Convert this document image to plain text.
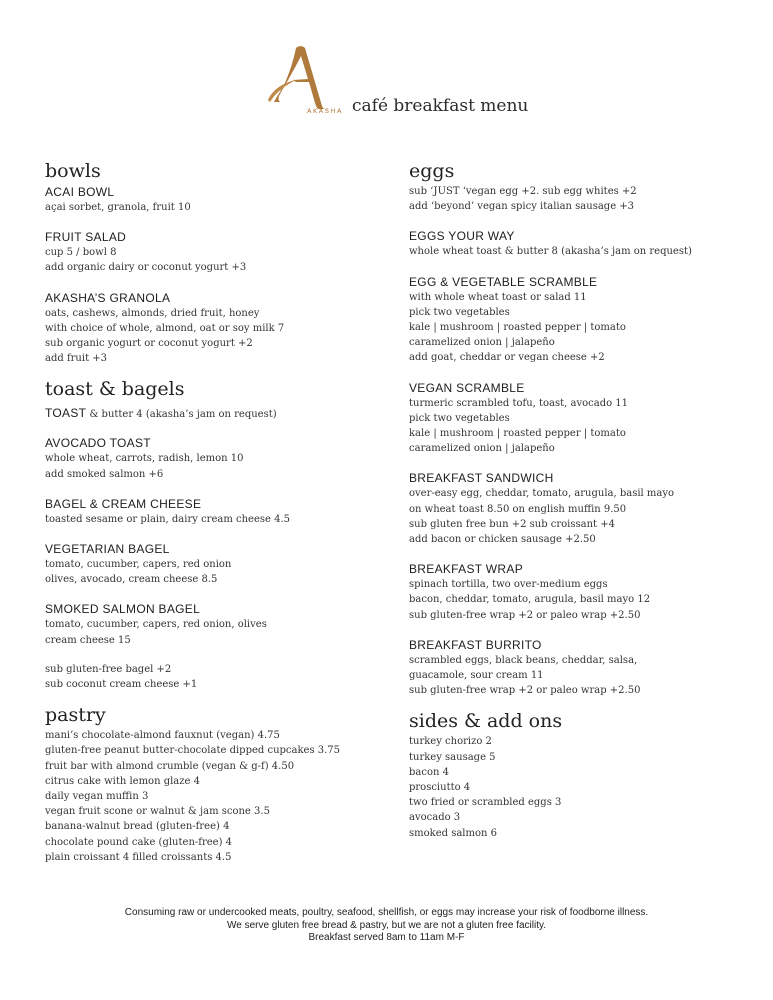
AKASHA café breakfast menu
bowls
ACAI BOWL
açai sorbet, granola, fruit 10
FRUIT SALAD
cup 5 / bowl 8
add organic dairy or coconut yogurt +3
AKASHA’S GRANOLA
oats, cashews, almonds, dried fruit, honey
with choice of whole, almond, oat or soy milk 7
sub organic yogurt or coconut yogurt +2
add fruit +3
toast & bagels
TOAST & butter 4 (akasha’s jam on request)
AVOCADO TOAST
whole wheat, carrots, radish, lemon 10
add smoked salmon +6
BAGEL & CREAM CHEESE
toasted sesame or plain, dairy cream cheese 4.5
VEGETARIAN BAGEL
tomato, cucumber, capers, red onion
olives, avocado, cream cheese 8.5
SMOKED SALMON BAGEL
tomato, cucumber, capers, red onion, olives
cream cheese 15
sub gluten-free bagel +2
sub coconut cream cheese +1
pastry
mani’s chocolate-almond fauxnut (vegan) 4.75
gluten-free peanut butter-chocolate dipped cupcakes 3.75
fruit bar with almond crumble (vegan & g-f) 4.50
citrus cake with lemon glaze 4
daily vegan muffin 3
vegan fruit scone or walnut & jam scone 3.5
banana-walnut bread (gluten-free) 4
chocolate pound cake (gluten-free) 4
plain croissant 4 filled croissants 4.5
eggs
sub ‘JUST ‘vegan egg +2. sub egg whites +2
add ‘beyond’ vegan spicy italian sausage +3
EGGS YOUR WAY
whole wheat toast & butter 8 (akasha’s jam on request)
EGG & VEGETABLE SCRAMBLE
with whole wheat toast or salad 11
pick two vegetables
kale | mushroom | roasted pepper | tomato
caramelized onion | jalapeño
add goat, cheddar or vegan cheese +2
VEGAN SCRAMBLE
turmeric scrambled tofu, toast, avocado 11
pick two vegetables
kale | mushroom | roasted pepper | tomato
caramelized onion | jalapeño
BREAKFAST SANDWICH
over-easy egg, cheddar, tomato, arugula, basil mayo
on wheat toast 8.50 on english muffin 9.50
sub gluten free bun +2 sub croissant +4
add bacon or chicken sausage +2.50
BREAKFAST WRAP
spinach tortilla, two over-medium eggs
bacon, cheddar, tomato, arugula, basil mayo 12
sub gluten-free wrap +2 or paleo wrap +2.50
BREAKFAST BURRITO
scrambled eggs, black beans, cheddar, salsa,
guacamole, sour cream 11
sub gluten-free wrap +2 or paleo wrap +2.50
sides & add ons
turkey chorizo 2
turkey sausage 5
bacon 4
prosciutto 4
two fried or scrambled eggs 3
avocado 3
smoked salmon 6
Consuming raw or undercooked meats, poultry, seafood, shellfish, or eggs may increase your risk of foodborne illness.
We serve gluten free bread & pastry, but we are not a gluten free facility.
Breakfast served 8am to 11am M-F
